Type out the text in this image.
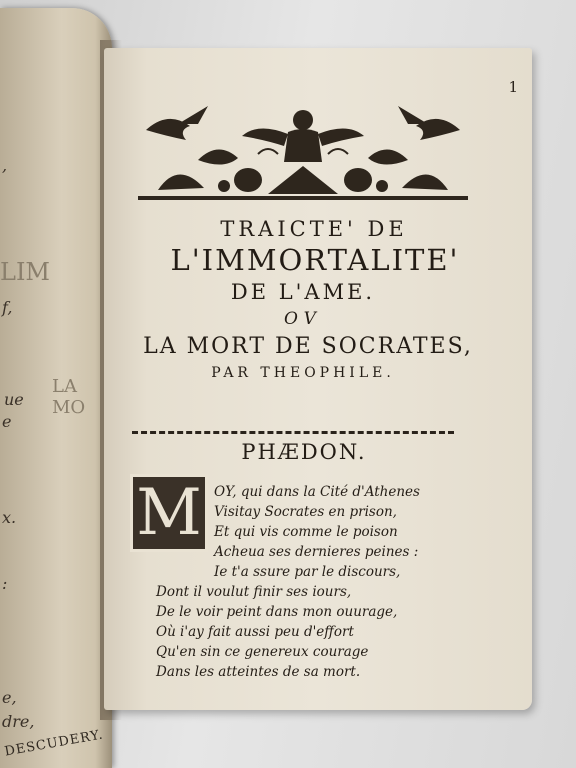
,
f,
ue
e
x.
:
e,
dre,
LIM
LA MO
DESCUDERY.
1
TRAICTE' DE
L'IMMORTALITE'
DE L'AME.
OV
LA MORT DE SOCRATES,
PAR THEOPHILE.
PHÆDON.
M OY, qui dans la Cité d'Athenes
Visitay Socrates en prison,
Et qui vis comme le poison
Acheua ses dernieres peines :
Ie t'a ssure par le discours,
Dont il voulut finir ses iours,
De le voir peint dans mon ouurage,
Où i'ay fait aussi peu d'effort
Qu'en sin ce genereux courage
Dans les atteintes de sa mort.
